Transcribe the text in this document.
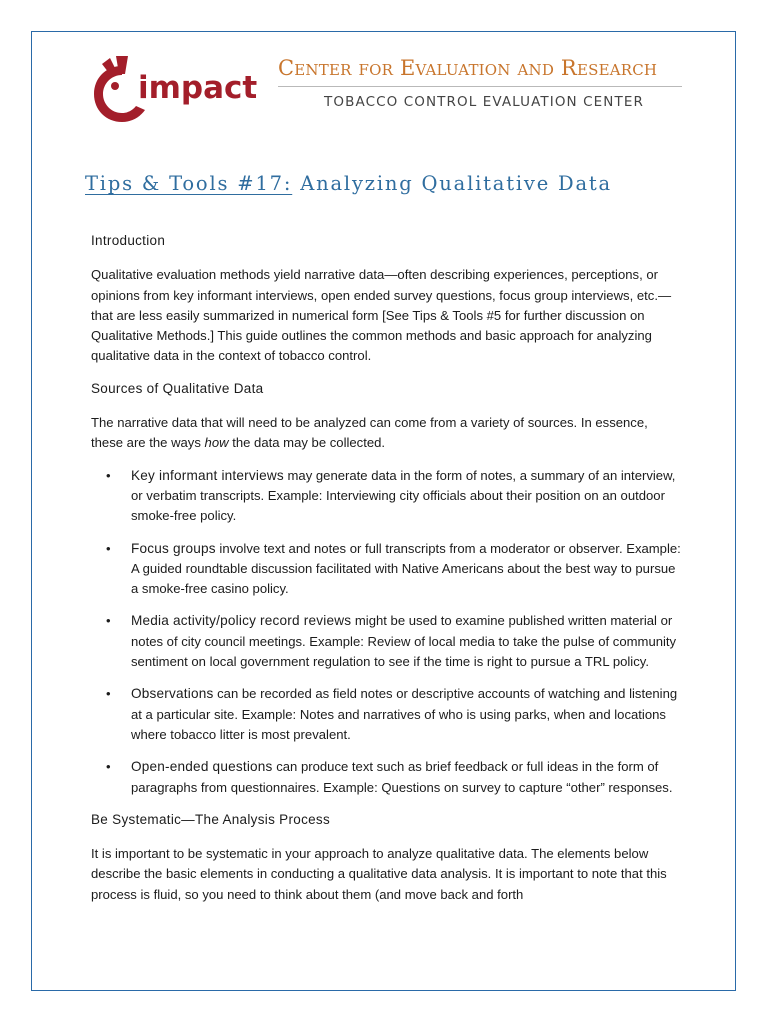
impact
Center for Evaluation and Research
TOBACCO CONTROL EVALUATION CENTER
Tips & Tools #17: Analyzing Qualitative Data
Introduction

Qualitative evaluation methods yield narrative data—often describing experiences, perceptions, or opinions from key informant interviews, open ended survey questions, focus group interviews, etc.—that are less easily summarized in numerical form [See Tips & Tools #5 for further discussion on Qualitative Methods.] This guide outlines the common methods and basic approach for analyzing qualitative data in the context of tobacco control.

Sources of Qualitative Data

The narrative data that will need to be analyzed can come from a variety of sources. In essence, these are the ways how the data may be collected.

• Key informant interviews may generate data in the form of notes, a summary of an interview, or verbatim transcripts. Example: Interviewing city officials about their position on an outdoor smoke-free policy.
• Focus groups involve text and notes or full transcripts from a moderator or observer. Example: A guided roundtable discussion facilitated with Native Americans about the best way to pursue a smoke-free casino policy.
• Media activity/policy record reviews might be used to examine published written material or notes of city council meetings. Example: Review of local media to take the pulse of community sentiment on local government regulation to see if the time is right to pursue a TRL policy.
• Observations can be recorded as field notes or descriptive accounts of watching and listening at a particular site. Example: Notes and narratives of who is using parks, when and locations where tobacco litter is most prevalent.
• Open-ended questions can produce text such as brief feedback or full ideas in the form of paragraphs from questionnaires. Example: Questions on survey to capture “other” responses.
Be Systematic—The Analysis Process

It is important to be systematic in your approach to analyze qualitative data. The elements below describe the basic elements in conducting a qualitative data analysis. It is important to note that this process is fluid, so you need to think about them (and move back and forth
